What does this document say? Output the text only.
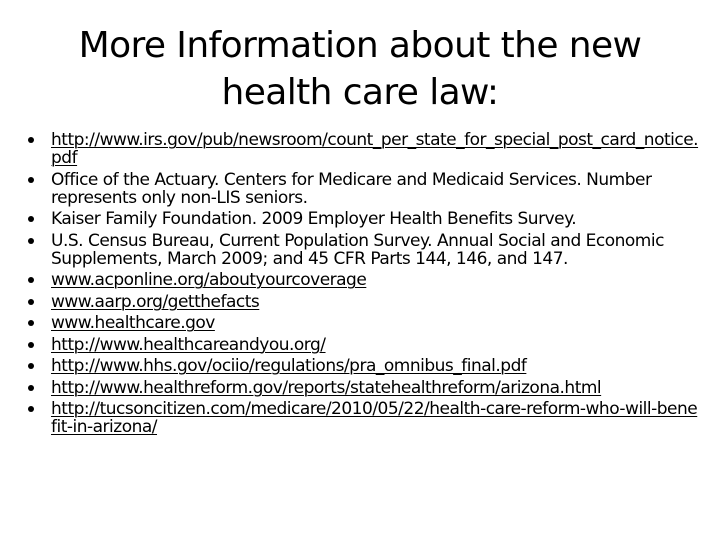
More Information about the new
health care law:
http://www.irs.gov/pub/newsroom/count_per_state_for_special_post_card_notice.pdf
Office of the Actuary. Centers for Medicare and Medicaid Services. Number represents only non-LIS seniors.
Kaiser Family Foundation. 2009 Employer Health Benefits Survey.
U.S. Census Bureau, Current Population Survey. Annual Social and Economic Supplements, March 2009; and 45 CFR Parts 144, 146, and 147.
www.acponline.org/aboutyourcoverage
www.aarp.org/getthefacts
www.healthcare.gov
http://www.healthcareandyou.org/
http://www.hhs.gov/ociio/regulations/pra_omnibus_final.pdf
http://www.healthreform.gov/reports/statehealthreform/arizona.html
http://tucsoncitizen.com/medicare/2010/05/22/health-care-reform-who-will-benefit-in-arizona/
